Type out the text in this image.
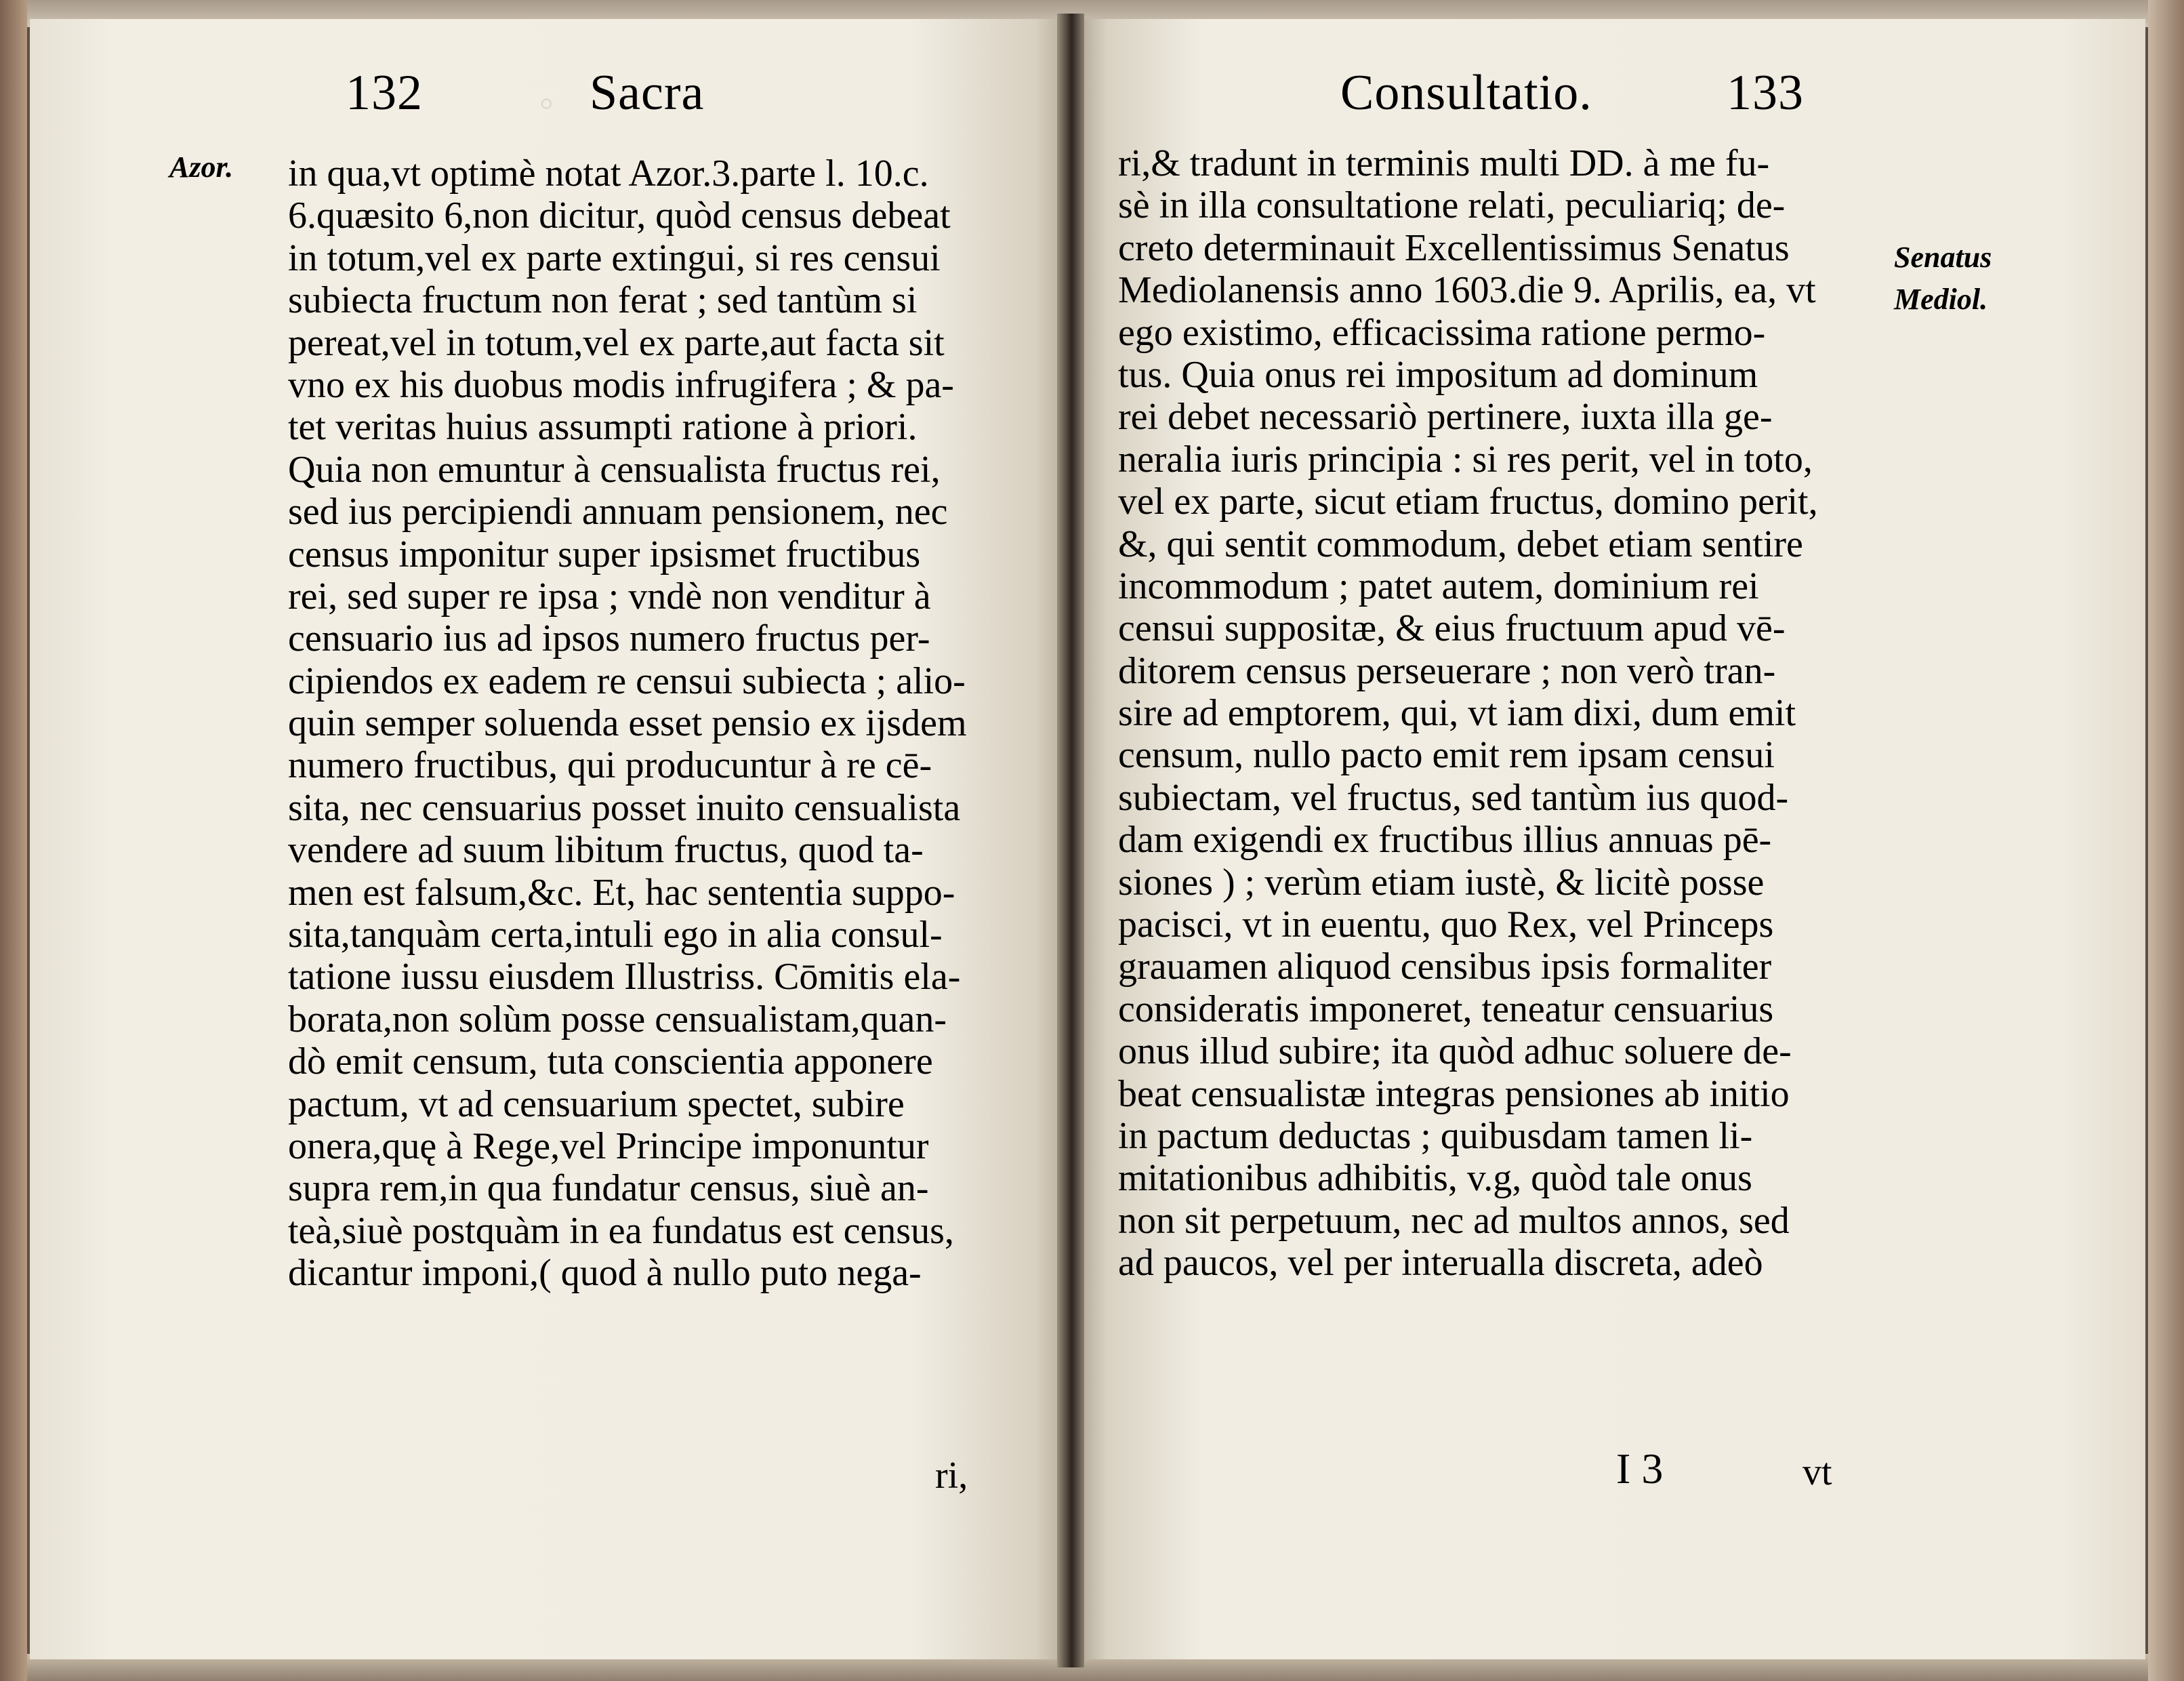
◦
132	Sacra	Consultatio.	133
Azor.
Senatus
Mediol.
in qua,vt optimè notat Azor.3.parte l. 10.c.
6.quæsito 6,non dicitur, quòd census debeat
in totum,vel ex parte extingui, si res censui
subiecta fructum non ferat ; sed tantùm si
pereat,vel in totum,vel ex parte,aut facta sit
vno ex his duobus modis infrugifera ; & pa-
tet veritas huius assumpti ratione à priori.
Quia non emuntur à censualista fructus rei,
sed ius percipiendi annuam pensionem, nec
census imponitur super ipsismet fructibus
rei, sed super re ipsa ; vndè non venditur à
censuario ius ad ipsos numero fructus per-
cipiendos ex eadem re censui subiecta ; alio-
quin semper soluenda esset pensio ex ijsdem
numero fructibus, qui producuntur à re cē-
sita, nec censuarius posset inuito censualista
vendere ad suum libitum fructus, quod ta-
men est falsum,&c. Et, hac sententia suppo-
sita,tanquàm certa,intuli ego in alia consul-
tatione iussu eiusdem Illustriss. Cōmitis ela-
borata,non solùm posse censualistam,quan-
dò emit censum, tuta conscientia apponere
pactum, vt ad censuarium spectet, subire
onera,quę à Rege,vel Principe imponuntur
supra rem,in qua fundatur census, siuè an-
teà,siuè postquàm in ea fundatus est census,
dicantur imponi,( quod à nullo puto nega-
ri,& tradunt in terminis multi DD. à me fu-
sè in illa consultatione relati, peculiariq; de-
creto determinauit Excellentissimus Senatus
Mediolanensis anno 1603.die 9. Aprilis, ea, vt
ego existimo, efficacissima ratione permo-
tus. Quia onus rei impositum ad dominum
rei debet necessariò pertinere, iuxta illa ge-
neralia iuris principia : si res perit, vel in toto,
vel ex parte, sicut etiam fructus, domino perit,
&, qui sentit commodum, debet etiam sentire
incommodum ; patet autem, dominium rei
censui suppositæ, & eius fructuum apud vē-
ditorem census perseuerare ; non verò tran-
sire ad emptorem, qui, vt iam dixi, dum emit
censum, nullo pacto emit rem ipsam censui
subiectam, vel fructus, sed tantùm ius quod-
dam exigendi ex fructibus illius annuas pē-
siones ) ; verùm etiam iustè, & licitè posse
pacisci, vt in euentu, quo Rex, vel Princeps
grauamen aliquod censibus ipsis formaliter
consideratis imponeret, teneatur censuarius
onus illud subire; ita quòd adhuc soluere de-
beat censualistæ integras pensiones ab initio
in pactum deductas ; quibusdam tamen li-
mitationibus adhibitis, v.g, quòd tale onus
non sit perpetuum, nec ad multos annos, sed
ad paucos, vel per interualla discreta, adeò
ri,	I 3	vt
